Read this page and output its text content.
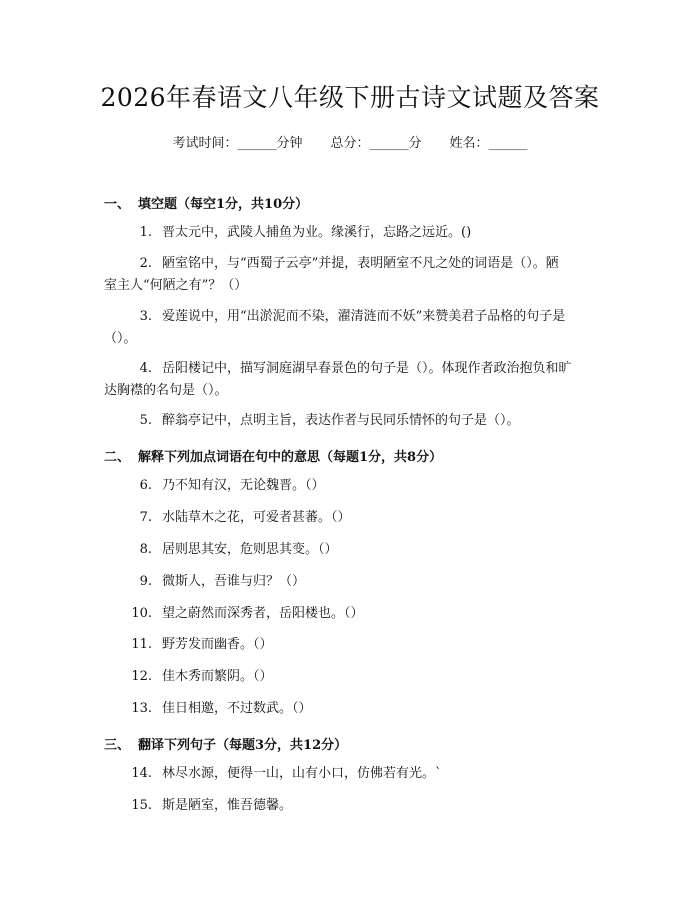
2026年春语文八年级下册古诗文试题及答案
考试时间：______分钟 总分：______分 姓名：______
一、 填空题（每空1分，共10分）
1. 晋太元中，武陵人捕鱼为业。缘溪行，忘路之远近。()
2. 陋室铭中，与“西蜀子云亭”并提，表明陋室不凡之处的词语是（）。陋
室主人“何陋之有”？（）
3. 爱莲说中，用“出淤泥而不染，濯清涟而不妖”来赞美君子品格的句子是
（）。
4. 岳阳楼记中，描写洞庭湖早春景色的句子是（）。体现作者政治抱负和旷
达胸襟的名句是（）。
5. 醉翁亭记中，点明主旨，表达作者与民同乐情怀的句子是（）。
二、 解释下列加点词语在句中的意思（每题1分，共8分）
6. 乃不知有汉，无论魏晋。（）
7. 水陆草木之花，可爱者甚蕃。（）
8. 居则思其安，危则思其变。（）
9. 微斯人，吾谁与归？（）
10. 望之蔚然而深秀者，岳阳楼也。（）
11. 野芳发而幽香。（）
12. 佳木秀而繁阴。（）
13. 佳日相邀，不过数武。（）
三、 翻译下列句子（每题3分，共12分）
14. 林尽水源，便得一山，山有小口，仿佛若有光。`
15. 斯是陋室，惟吾德馨。
